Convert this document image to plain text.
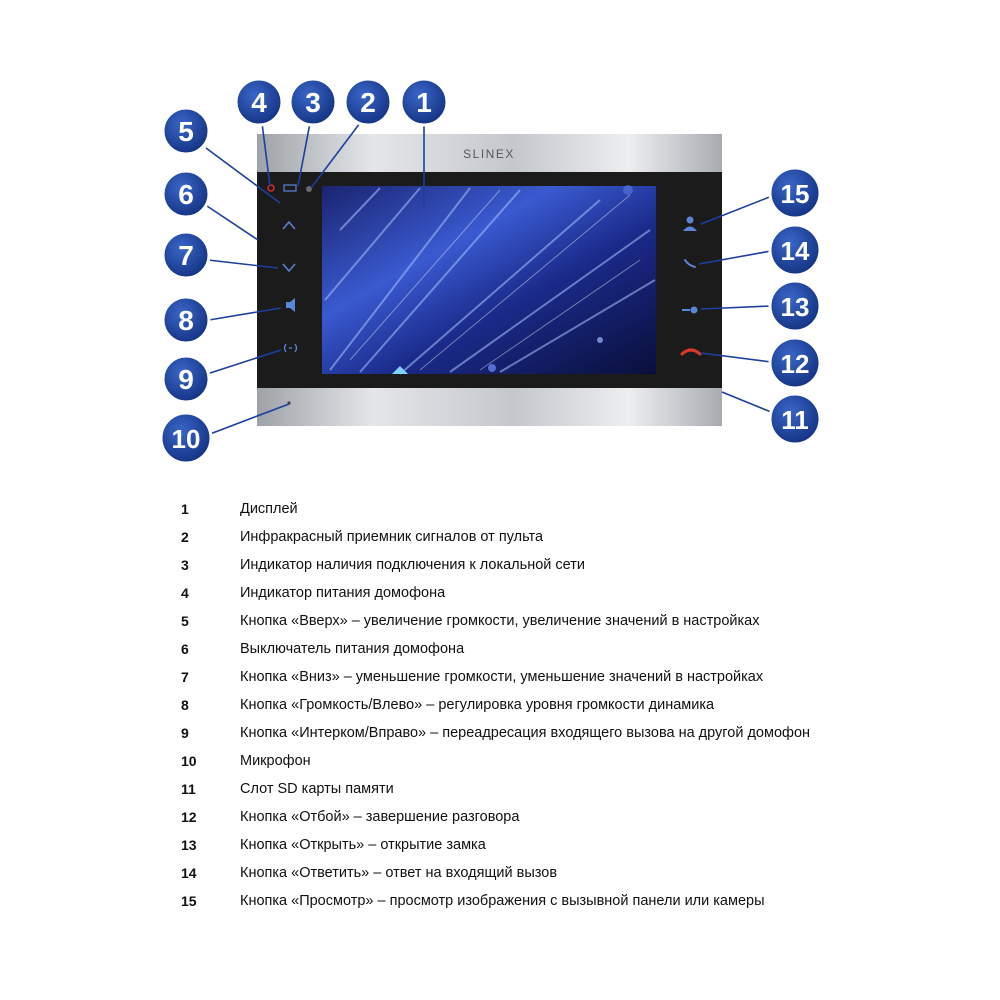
SLINEX
1
2
3
4
5
6
7
8
9
10
11
12
13
14
15
1	Дисплей
2	Инфракрасный приемник сигналов от пульта
3	Индикатор наличия подключения к локальной сети
4	Индикатор питания домофона
5	Кнопка «Вверх» – увеличение громкости, увеличение значений в настройках
6	Выключатель питания домофона
7	Кнопка «Вниз» – уменьшение громкости, уменьшение значений в настройках
8	Кнопка «Громкость/Влево» – регулировка уровня громкости динамика
9	Кнопка «Интерком/Вправо» – переадресация входящего вызова на другой домофон
10	Микрофон
11	Слот SD карты памяти
12	Кнопка «Отбой» – завершение разговора
13	Кнопка «Открыть» – открытие замка
14	Кнопка «Ответить» – ответ на входящий вызов
15	Кнопка «Просмотр» – просмотр изображения с вызывной панели или камеры
